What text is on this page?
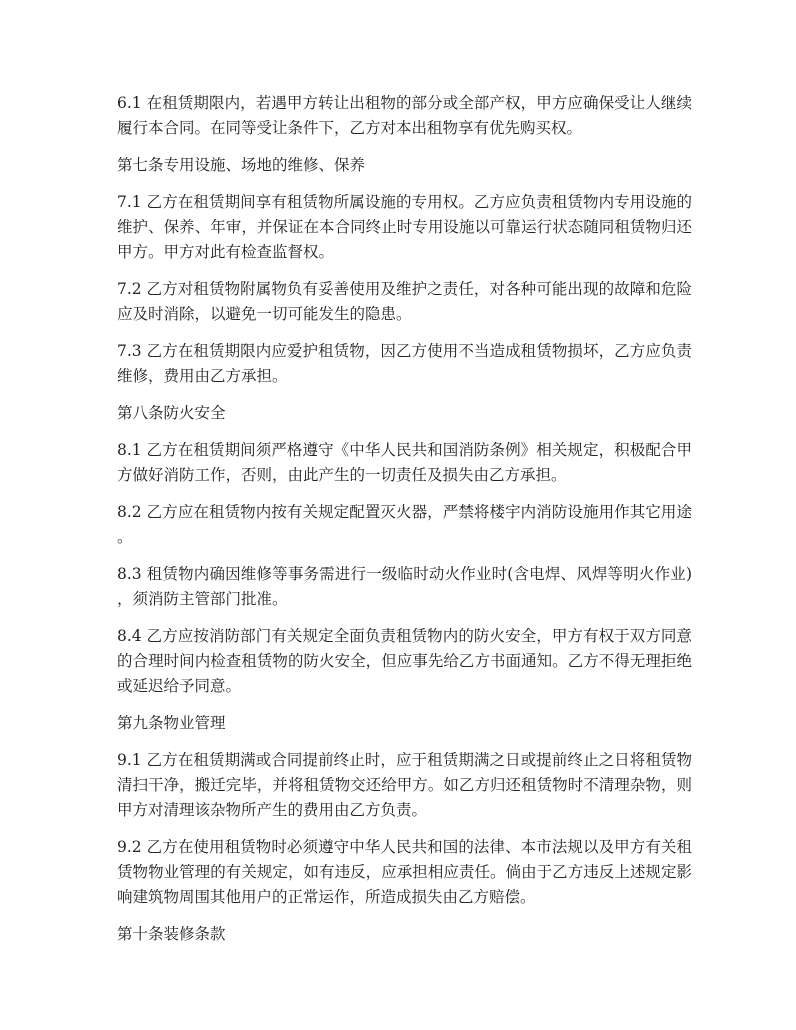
6.1 在租赁期限内，若遇甲方转让出租物的部分或全部产权，甲方应确保受让人继续履行本合同。在同等受让条件下，乙方对本出租物享有优先购买权。

第七条专用设施、场地的维修、保养

7.1 乙方在租赁期间享有租赁物所属设施的专用权。乙方应负责租赁物内专用设施的维护、保养、年审，并保证在本合同终止时专用设施以可靠运行状态随同租赁物归还甲方。甲方对此有检查监督权。

7.2 乙方对租赁物附属物负有妥善使用及维护之责任，对各种可能出现的故障和危险应及时消除，以避免一切可能发生的隐患。

7.3 乙方在租赁期限内应爱护租赁物，因乙方使用不当造成租赁物损坏，乙方应负责维修，费用由乙方承担。

第八条防火安全

8.1 乙方在租赁期间须严格遵守《中华人民共和国消防条例》相关规定，积极配合甲方做好消防工作，否则，由此产生的一切责任及损失由乙方承担。

8.2 乙方应在租赁物内按有关规定配置灭火器，严禁将楼宇内消防设施用作其它用途。

8.3 租赁物内确因维修等事务需进行一级临时动火作业时(含电焊、风焊等明火作业)，须消防主管部门批准。

8.4 乙方应按消防部门有关规定全面负责租赁物内的防火安全，甲方有权于双方同意的合理时间内检查租赁物的防火安全，但应事先给乙方书面通知。乙方不得无理拒绝或延迟给予同意。

第九条物业管理

9.1 乙方在租赁期满或合同提前终止时，应于租赁期满之日或提前终止之日将租赁物清扫干净，搬迁完毕，并将租赁物交还给甲方。如乙方归还租赁物时不清理杂物，则甲方对清理该杂物所产生的费用由乙方负责。

9.2 乙方在使用租赁物时必须遵守中华人民共和国的法律、本市法规以及甲方有关租赁物物业管理的有关规定，如有违反，应承担相应责任。倘由于乙方违反上述规定影响建筑物周围其他用户的正常运作，所造成损失由乙方赔偿。

第十条装修条款
